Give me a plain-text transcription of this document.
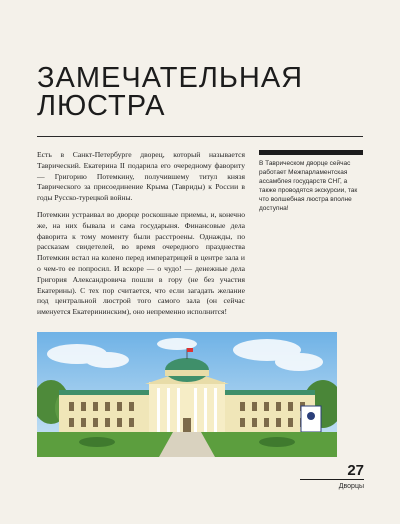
ЗАМЕЧАТЕЛЬНАЯ
ЛЮСТРА

Есть в Санкт-Петербурге дворец, который называется Таврический. Екатерина II подарила его очередному фавориту — Григорию Потемкину, получившему титул князя Таврического за присоединение Крыма (Тавриды) к России в годы Русско-турецкой войны.

Потемкин устраивал во дворце роскошные приемы, и, конечно же, на них бывала и сама государыня. Финансовые дела фаворита к тому моменту были расстроены. Однажды, по рассказам свидетелей, во время очередного празднества Потемкин встал на колено перед императрицей в центре зала и о чем-то ее попросил. И вскоре — о чудо! — денежные дела Григория Александровича пошли в гору (не без участия Екатерины). С тех пор считается, что если загадать желание под центральной люстрой того самого зала (он сейчас именуется Екатерининским), оно непременно исполнится!

В Таврическом дворце сейчас работает Межпарламентская ассамблея государств СНГ, а также проводятся экскурсии, так что волшебная люстра вполне доступна!
27
Дворцы
